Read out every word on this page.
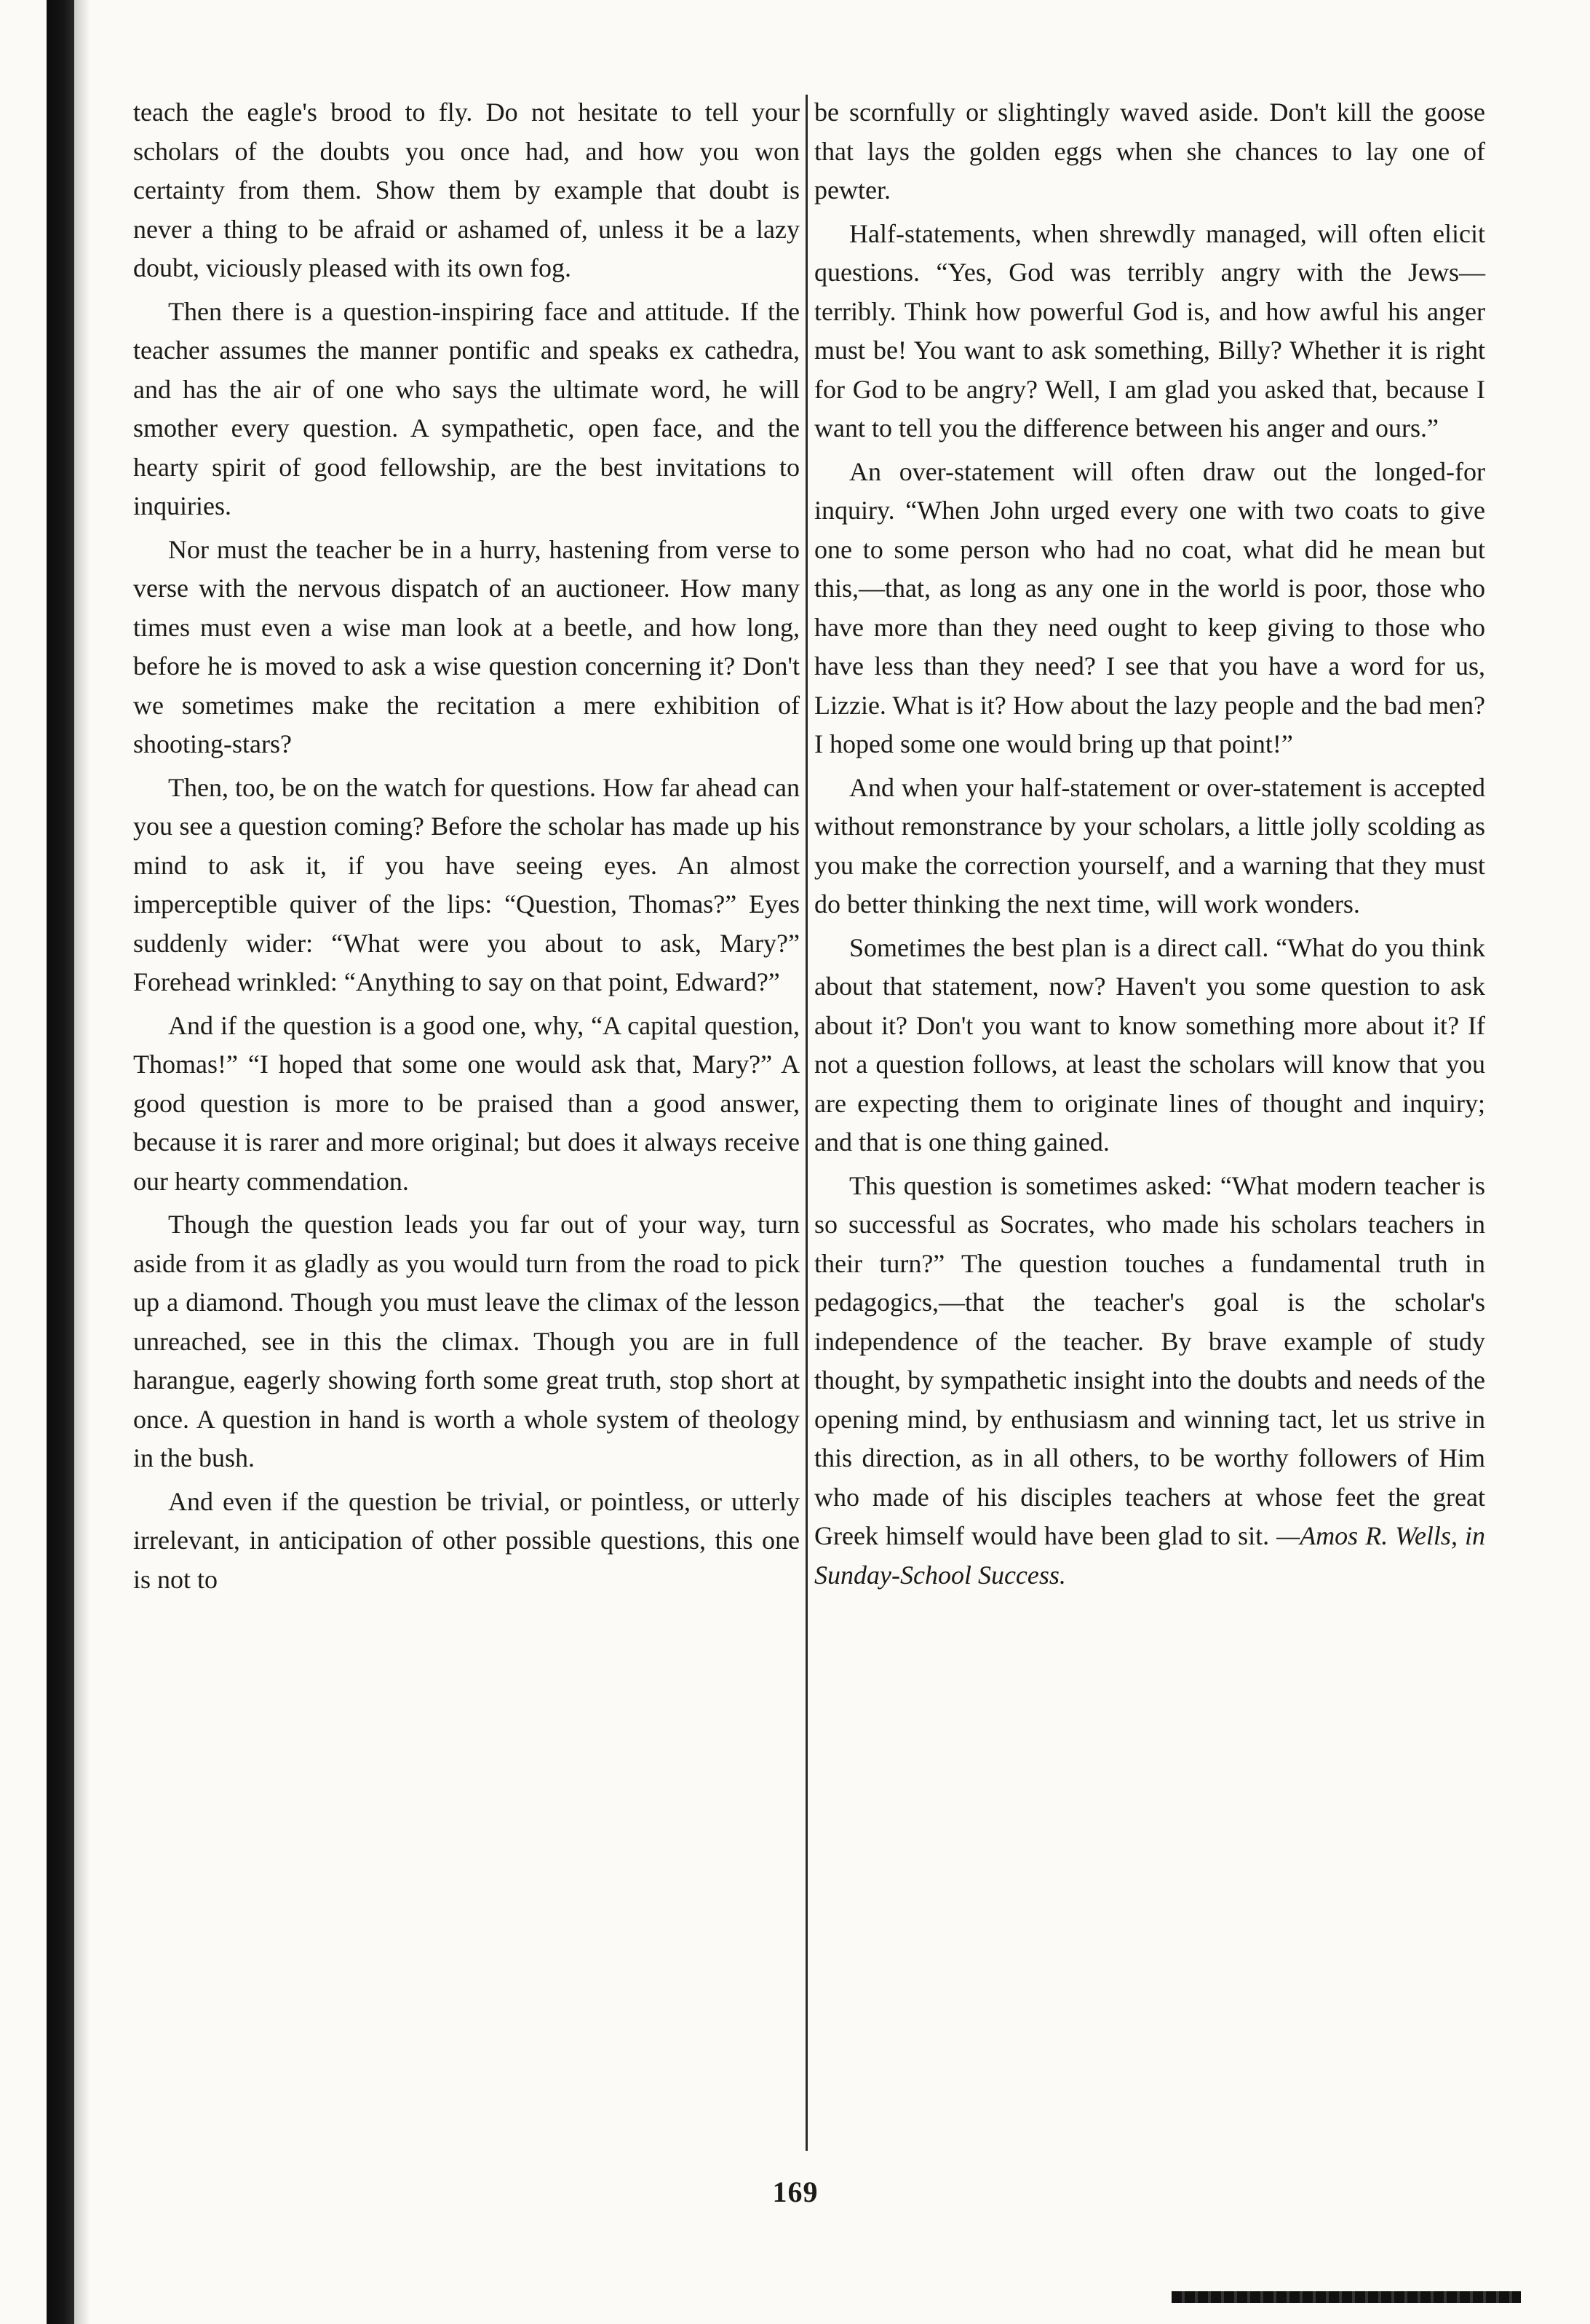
teach the eagle's brood to fly. Do not hesitate to tell your scholars of the doubts you once had, and how you won certainty from them. Show them by example that doubt is never a thing to be afraid or ashamed of, unless it be a lazy doubt, viciously pleased with its own fog.

Then there is a question-inspiring face and attitude. If the teacher assumes the manner pontific and speaks ex cathedra, and has the air of one who says the ultimate word, he will smother every question. A sympathetic, open face, and the hearty spirit of good fellowship, are the best invitations to inquiries.

Nor must the teacher be in a hurry, hastening from verse to verse with the nervous dispatch of an auctioneer. How many times must even a wise man look at a beetle, and how long, before he is moved to ask a wise question concerning it? Don't we sometimes make the recitation a mere exhibition of shooting-stars?

Then, too, be on the watch for questions. How far ahead can you see a question coming? Before the scholar has made up his mind to ask it, if you have seeing eyes. An almost imperceptible quiver of the lips: “Question, Thomas?” Eyes suddenly wider: “What were you about to ask, Mary?” Forehead wrinkled: “Anything to say on that point, Edward?”

And if the question is a good one, why, “A capital question, Thomas!” “I hoped that some one would ask that, Mary?” A good question is more to be praised than a good answer, because it is rarer and more original; but does it always receive our hearty commendation.

Though the question leads you far out of your way, turn aside from it as gladly as you would turn from the road to pick up a diamond. Though you must leave the climax of the lesson unreached, see in this the climax. Though you are in full harangue, eagerly showing forth some great truth, stop short at once. A question in hand is worth a whole system of theology in the bush.

And even if the question be trivial, or pointless, or utterly irrelevant, in anticipation of other possible questions, this one is not to

be scornfully or slightingly waved aside. Don't kill the goose that lays the golden eggs when she chances to lay one of pewter.

Half-statements, when shrewdly managed, will often elicit questions. “Yes, God was terribly angry with the Jews—terribly. Think how powerful God is, and how awful his anger must be! You want to ask something, Billy? Whether it is right for God to be angry? Well, I am glad you asked that, because I want to tell you the difference between his anger and ours.”

An over-statement will often draw out the longed-for inquiry. “When John urged every one with two coats to give one to some person who had no coat, what did he mean but this,—that, as long as any one in the world is poor, those who have more than they need ought to keep giving to those who have less than they need? I see that you have a word for us, Lizzie. What is it? How about the lazy people and the bad men? I hoped some one would bring up that point!”

And when your half-statement or over-statement is accepted without remonstrance by your scholars, a little jolly scolding as you make the correction yourself, and a warning that they must do better thinking the next time, will work wonders.

Sometimes the best plan is a direct call. “What do you think about that statement, now? Haven't you some question to ask about it? Don't you want to know something more about it? If not a question follows, at least the scholars will know that you are expecting them to originate lines of thought and inquiry; and that is one thing gained.

This question is sometimes asked: “What modern teacher is so successful as Socrates, who made his scholars teachers in their turn?” The question touches a fundamental truth in pedagogics,—that the teacher's goal is the scholar's independence of the teacher. By brave example of study thought, by sympathetic insight into the doubts and needs of the opening mind, by enthusiasm and winning tact, let us strive in this direction, as in all others, to be worthy followers of Him who made of his disciples teachers at whose feet the great Greek himself would have been glad to sit. —Amos R. Wells, in Sunday-School Success.

169
